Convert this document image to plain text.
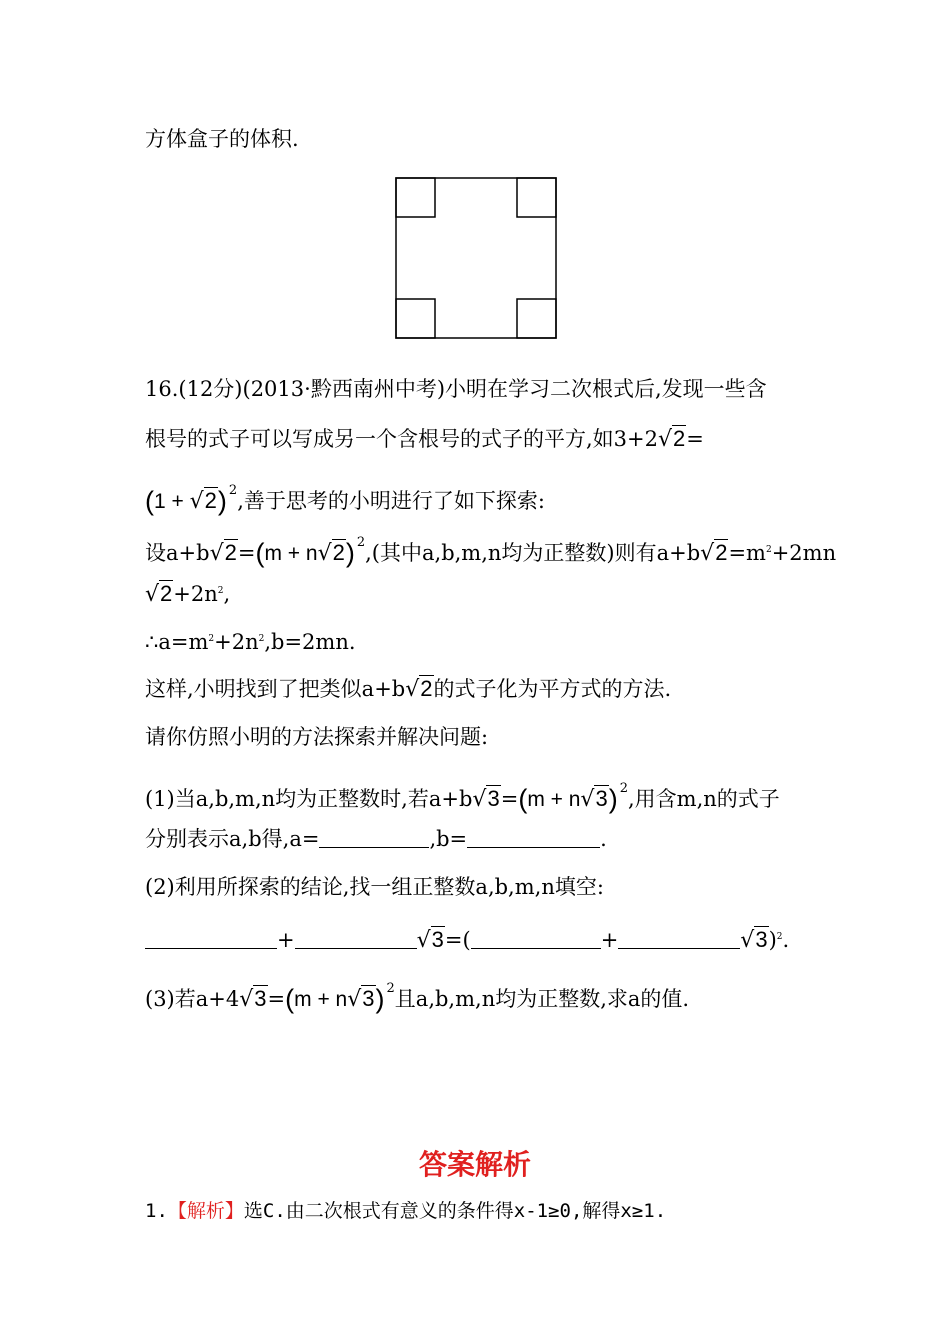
方体盒子的体积.
16.(12分)(2013·黔西南州中考)小明在学习二次根式后,发现一些含
根号的式子可以写成另一个含根号的式子的平方,如3+2√2=
(1 + √2) $^2$,善于思考的小明进行了如下探索:
设a+b√2=(m + n√2) $^2$,(其中a,b,m,n均为正整数)则有$a+b√2=m^2+2mn$
$√2+2n^2$,
$\therefore a=m^2+2n^2,b=2mn$.
这样,小明找到了把类似a+b√2的式子化为平方式的方法.
请你仿照小明的方法探索并解决问题:
(1)当a,b,m,n均为正整数时,若a+b√3=(m + n√3) $^2$,用含m,n的式子
分别表示a,b得,a=	,b=	.
(2)利用所探索的结论,找一组正整数a,b,m,n填空:
+	√3=(	+	√3)$^2$.
(3)若a+4√3=(m + n√3) $^2$且a,b,m,n均为正整数,求a的值.
答案解析
1.【解析】选C.由二次根式有意义的条件得x-1≥0,解得x≥1.
